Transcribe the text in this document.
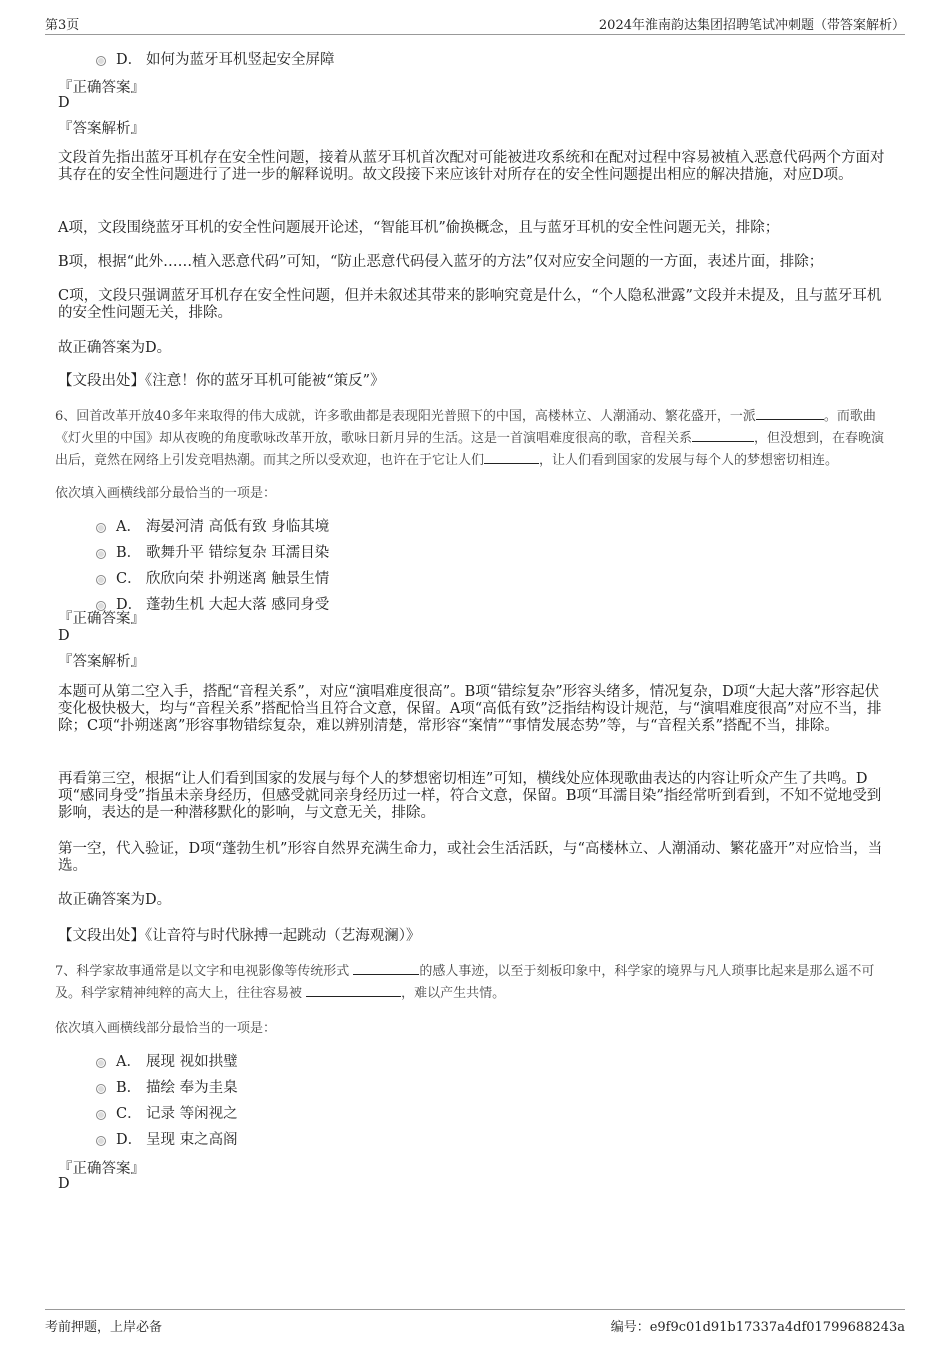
第3页	2024年淮南韵达集团招聘笔试冲刺题（带答案解析）
D． 如何为蓝牙耳机竖起安全屏障
『正确答案』
D
『答案解析』
文段首先指出蓝牙耳机存在安全性问题，接着从蓝牙耳机首次配对可能被进攻系统和在配对过程中容易被植入恶意代码两个方面对其存在的安全性问题进行了进一步的解释说明。故文段接下来应该针对所存在的安全性问题提出相应的解决措施，对应D项。
A项，文段围绕蓝牙耳机的安全性问题展开论述，“智能耳机”偷换概念，且与蓝牙耳机的安全性问题无关，排除；
B项，根据“此外……植入恶意代码”可知，“防止恶意代码侵入蓝牙的方法”仅对应安全问题的一方面，表述片面，排除；
C项，文段只强调蓝牙耳机存在安全性问题，但并未叙述其带来的影响究竟是什么，“个人隐私泄露”文段并未提及，且与蓝牙耳机的安全性问题无关，排除。
故正确答案为D。
【文段出处】《注意！你的蓝牙耳机可能被“策反”》
6、回首改革开放40多年来取得的伟大成就，许多歌曲都是表现阳光普照下的中国，高楼林立、人潮涌动、繁花盛开，一派	。而歌曲《灯火里的中国》却从夜晚的角度歌咏改革开放，歌咏日新月异的生活。这是一首演唱难度很高的歌，音程关系	，但没想到，在春晚演出后，竟然在网络上引发竞唱热潮。而其之所以受欢迎，也许在于它让人们	，让人们看到国家的发展与每个人的梦想密切相连。
依次填入画横线部分最恰当的一项是：
A． 海晏河清 高低有致 身临其境
B． 歌舞升平 错综复杂 耳濡目染
C． 欣欣向荣 扑朔迷离 触景生情
D． 蓬勃生机 大起大落 感同身受
『正确答案』
D
『答案解析』
本题可从第二空入手，搭配“音程关系”，对应“演唱难度很高”。B项“错综复杂”形容头绪多，情况复杂，D项“大起大落”形容起伏变化极快极大，均与“音程关系”搭配恰当且符合文意，保留。A项“高低有致”泛指结构设计规范，与“演唱难度很高”对应不当，排除；C项“扑朔迷离”形容事物错综复杂，难以辨别清楚，常形容“案情”“事情发展态势”等，与“音程关系”搭配不当，排除。
再看第三空，根据“让人们看到国家的发展与每个人的梦想密切相连”可知，横线处应体现歌曲表达的内容让听众产生了共鸣。D项“感同身受”指虽未亲身经历，但感受就同亲身经历过一样，符合文意，保留。B项“耳濡目染”指经常听到看到，不知不觉地受到影响，表达的是一种潜移默化的影响，与文意无关，排除。
第一空，代入验证，D项“蓬勃生机”形容自然界充满生命力，或社会生活活跃，与“高楼林立、人潮涌动、繁花盛开”对应恰当，当选。
故正确答案为D。
【文段出处】《让音符与时代脉搏一起跳动（艺海观澜）》
7、科学家故事通常是以文字和电视影像等传统形式	的感人事迹，以至于刻板印象中，科学家的境界与凡人琐事比起来是那么遥不可及。科学家精神纯粹的高大上，往往容易被	，难以产生共情。
依次填入画横线部分最恰当的一项是：
A． 展现 视如拱璧
B． 描绘 奉为圭臬
C． 记录 等闲视之
D． 呈现 束之高阁
『正确答案』
D
考前押题，上岸必备	编号：e9f9c01d91b17337a4df01799688243a
